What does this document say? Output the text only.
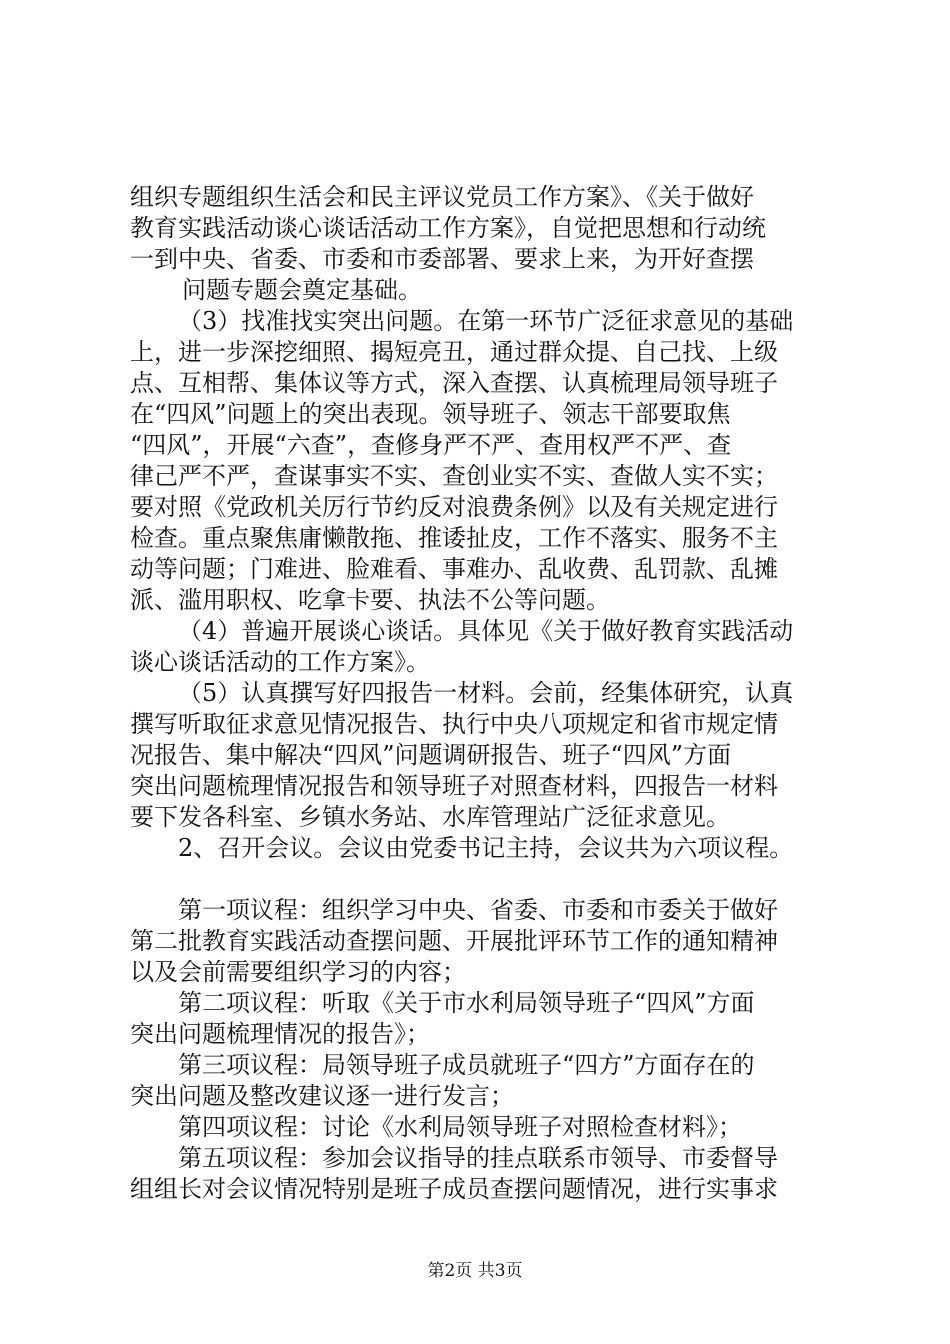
组织专题组织生活会和民主评议党员工作方案》、《关于做好
教育实践活动谈心谈话活动工作方案》，自觉把思想和行动统
一到中央、省委、市委和市委部署、要求上来，为开好查摆
问题专题会奠定基础。
（3）找准找实突出问题。在第一环节广泛征求意见的基础
上，进一步深挖细照、揭短亮丑，通过群众提、自己找、上级
点、互相帮、集体议等方式，深入查摆、认真梳理局领导班子
在“四风”问题上的突出表现。领导班子、领志干部要取焦
“四风”，开展“六查”，查修身严不严、查用权严不严、查
律己严不严，查谋事实不实、查创业实不实、查做人实不实；
要对照《党政机关厉行节约反对浪费条例》以及有关规定进行
检查。重点聚焦庸懒散拖、推诿扯皮，工作不落实、服务不主
动等问题；门难进、脸难看、事难办、乱收费、乱罚款、乱摊
派、滥用职权、吃拿卡要、执法不公等问题。
（4）普遍开展谈心谈话。具体见《关于做好教育实践活动
谈心谈话活动的工作方案》。
（5）认真撰写好四报告一材料。会前，经集体研究，认真
撰写听取征求意见情况报告、执行中央八项规定和省市规定情
况报告、集中解决“四风”问题调研报告、班子“四风”方面
突出问题梳理情况报告和领导班子对照查材料，四报告一材料
要下发各科室、乡镇水务站、水库管理站广泛征求意见。
2、召开会议。会议由党委书记主持，会议共为六项议程。
第一项议程：组织学习中央、省委、市委和市委关于做好
第二批教育实践活动查摆问题、开展批评环节工作的通知精神
以及会前需要组织学习的内容；
第二项议程：听取《关于市水利局领导班子“四风”方面
突出问题梳理情况的报告》；
第三项议程：局领导班子成员就班子“四方”方面存在的
突出问题及整改建议逐一进行发言；
第四项议程：讨论《水利局领导班子对照检查材料》；
第五项议程：参加会议指导的挂点联系市领导、市委督导
组组长对会议情况特别是班子成员查摆问题情况，进行实事求
第2页 共3页
